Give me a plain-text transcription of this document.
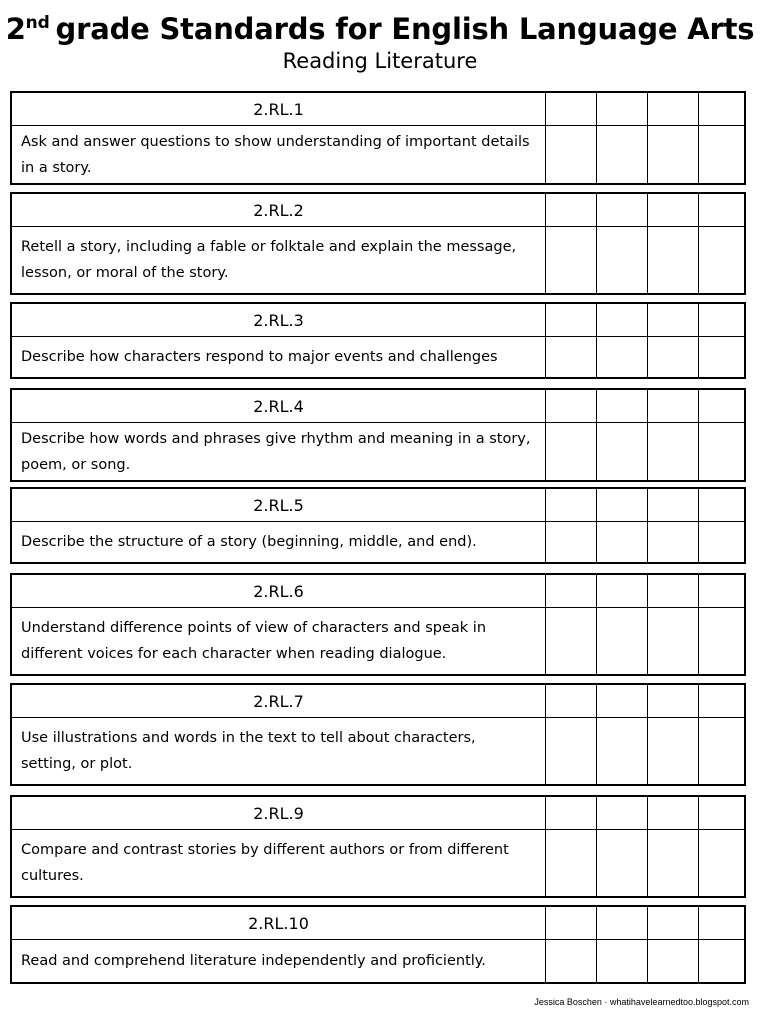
2nd grade Standards for English Language Arts
Reading Literature
2.RL.1
Ask and answer questions to show understanding of important details in a story.
2.RL.2
Retell a story, including a fable or folktale and explain the message, lesson, or moral of the story.
2.RL.3
Describe how characters respond to major events and challenges
2.RL.4
Describe how words and phrases give rhythm and meaning in a story, poem, or song.
2.RL.5
Describe the structure of a story (beginning, middle, and end).
2.RL.6
Understand difference points of view of characters and speak in different voices for each character when reading dialogue.
2.RL.7
Use illustrations and words in the text to tell about characters, setting, or plot.
2.RL.9
Compare and contrast stories by different authors or from different cultures.
2.RL.10
Read and comprehend literature independently and proficiently.
Jessica Boschen · whatihavelearnedtoo.blogspot.com
